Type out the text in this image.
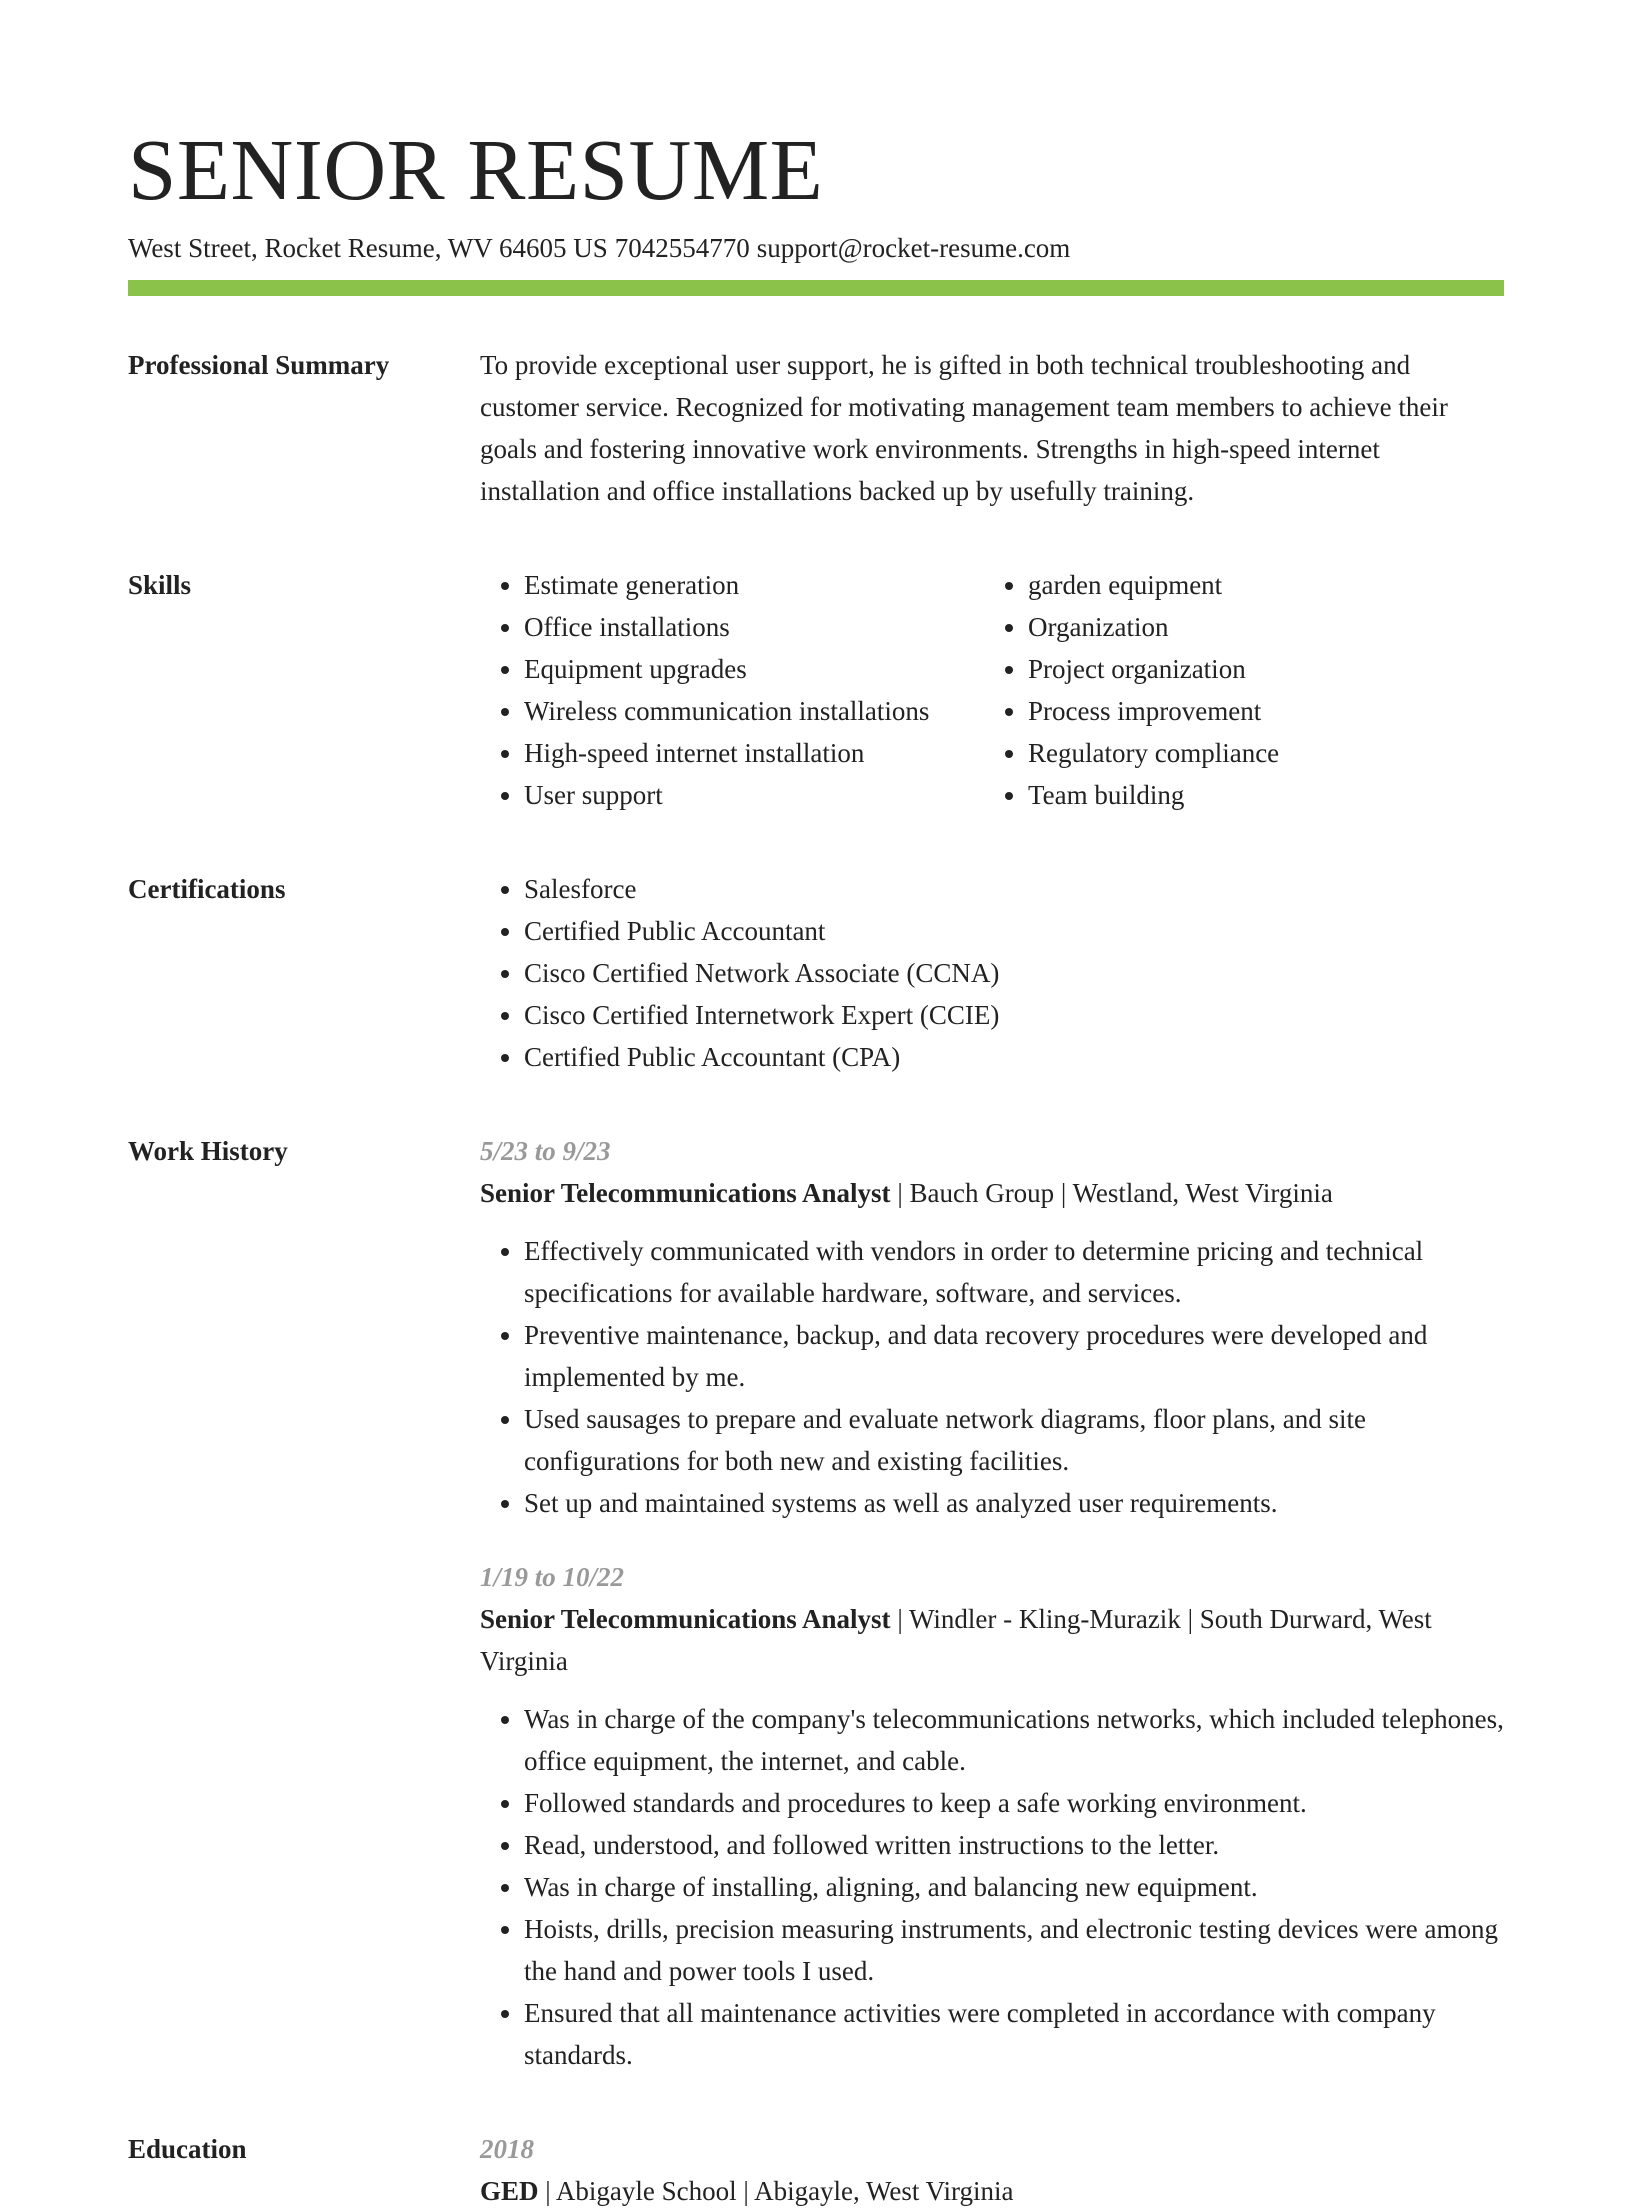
SENIOR RESUME
West Street, Rocket Resume, WV 64605 US 7042554770 support@rocket-resume.com
Professional Summary	To provide exceptional user support, he is gifted in both technical troubleshooting and customer service. Recognized for motivating management team members to achieve their goals and fostering innovative work environments. Strengths in high-speed internet installation and office installations backed up by usefully training.

Skills	• Estimate generation
• Office installations
• Equipment upgrades
• Wireless communication installations
• High-speed internet installation
• User support
• garden equipment
• Organization
• Project organization
• Process improvement
• Regulatory compliance
• Team building
Certifications	• Salesforce
• Certified Public Accountant
• Cisco Certified Network Associate (CCNA)
• Cisco Certified Internetwork Expert (CCIE)
• Certified Public Accountant (CPA)
Work History	5/23 to 9/23
Senior Telecommunications Analyst | Bauch Group | Westland, West Virginia
• Effectively communicated with vendors in order to determine pricing and technical specifications for available hardware, software, and services.
• Preventive maintenance, backup, and data recovery procedures were developed and implemented by me.
• Used sausages to prepare and evaluate network diagrams, floor plans, and site configurations for both new and existing facilities.
• Set up and maintained systems as well as analyzed user requirements.
1/19 to 10/22
Senior Telecommunications Analyst | Windler - Kling-Murazik | South Durward, West Virginia
• Was in charge of the company's telecommunications networks, which included telephones, office equipment, the internet, and cable.
• Followed standards and procedures to keep a safe working environment.
• Read, understood, and followed written instructions to the letter.
• Was in charge of installing, aligning, and balancing new equipment.
• Hoists, drills, precision measuring instruments, and electronic testing devices were among the hand and power tools I used.
• Ensured that all maintenance activities were completed in accordance with company standards.
Education	2018
GED | Abigayle School | Abigayle, West Virginia
